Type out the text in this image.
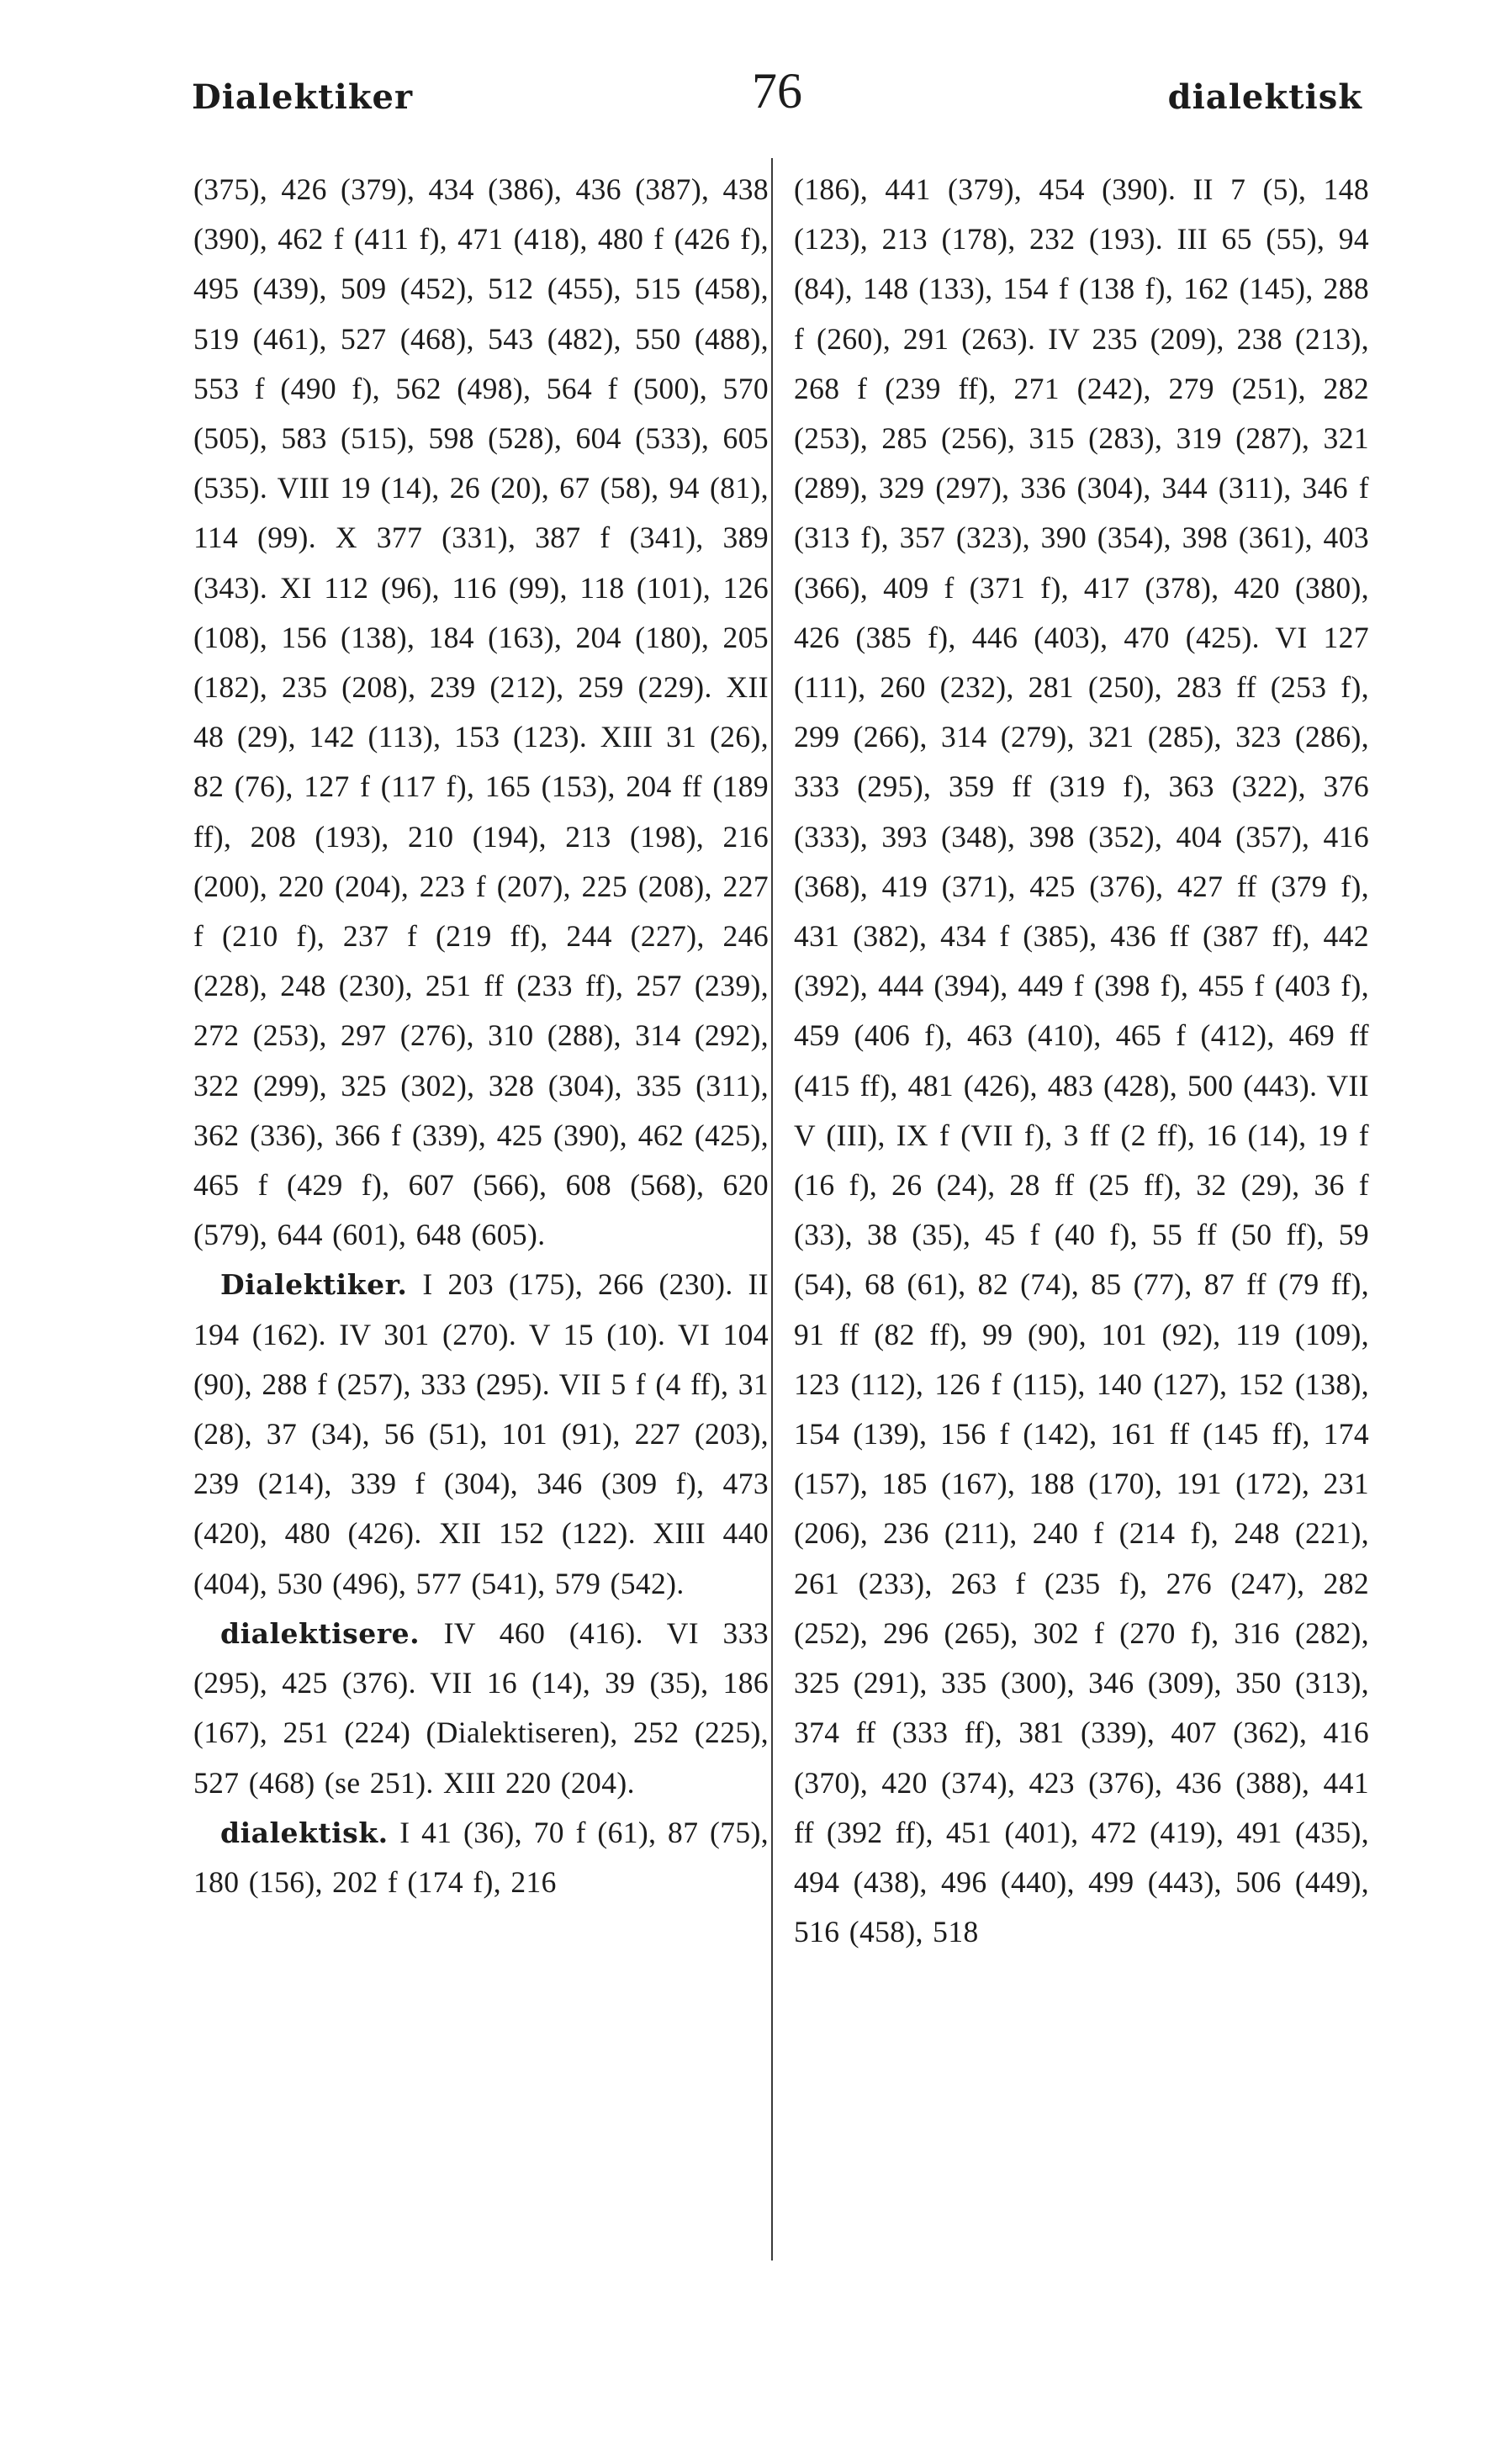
Dialektiker	76	dialektisk

(375), 426 (379), 434 (386), 436 (387), 438 (390), 462 f (411 f), 471 (418), 480 f (426 f), 495 (439), 509 (452), 512 (455), 515 (458), 519 (461), 527 (468), 543 (482), 550 (488), 553 f (490 f), 562 (498), 564 f (500), 570 (505), 583 (515), 598 (528), 604 (533), 605 (535). VIII 19 (14), 26 (20), 67 (58), 94 (81), 114 (99). X 377 (331), 387 f (341), 389 (343). XI 112 (96), 116 (99), 118 (101), 126 (108), 156 (138), 184 (163), 204 (180), 205 (182), 235 (208), 239 (212), 259 (229). XII 48 (29), 142 (113), 153 (123). XIII 31 (26), 82 (76), 127 f (117 f), 165 (153), 204 ff (189 ff), 208 (193), 210 (194), 213 (198), 216 (200), 220 (204), 223 f (207), 225 (208), 227 f (210 f), 237 f (219 ff), 244 (227), 246 (228), 248 (230), 251 ff (233 ff), 257 (239), 272 (253), 297 (276), 310 (288), 314 (292), 322 (299), 325 (302), 328 (304), 335 (311), 362 (336), 366 f (339), 425 (390), 462 (425), 465 f (429 f), 607 (566), 608 (568), 620 (579), 644 (601), 648 (605).

Dialektiker. I 203 (175), 266 (230). II 194 (162). IV 301 (270). V 15 (10). VI 104 (90), 288 f (257), 333 (295). VII 5 f (4 ff), 31 (28), 37 (34), 56 (51), 101 (91), 227 (203), 239 (214), 339 f (304), 346 (309 f), 473 (420), 480 (426). XII 152 (122). XIII 440 (404), 530 (496), 577 (541), 579 (542).

dialektisere. IV 460 (416). VI 333 (295), 425 (376). VII 16 (14), 39 (35), 186 (167), 251 (224) (Dialektiseren), 252 (225), 527 (468) (se 251). XIII 220 (204).

dialektisk. I 41 (36), 70 f (61), 87 (75), 180 (156), 202 f (174 f), 216

(186), 441 (379), 454 (390). II 7 (5), 148 (123), 213 (178), 232 (193). III 65 (55), 94 (84), 148 (133), 154 f (138 f), 162 (145), 288 f (260), 291 (263). IV 235 (209), 238 (213), 268 f (239 ff), 271 (242), 279 (251), 282 (253), 285 (256), 315 (283), 319 (287), 321 (289), 329 (297), 336 (304), 344 (311), 346 f (313 f), 357 (323), 390 (354), 398 (361), 403 (366), 409 f (371 f), 417 (378), 420 (380), 426 (385 f), 446 (403), 470 (425). VI 127 (111), 260 (232), 281 (250), 283 ff (253 f), 299 (266), 314 (279), 321 (285), 323 (286), 333 (295), 359 ff (319 f), 363 (322), 376 (333), 393 (348), 398 (352), 404 (357), 416 (368), 419 (371), 425 (376), 427 ff (379 f), 431 (382), 434 f (385), 436 ff (387 ff), 442 (392), 444 (394), 449 f (398 f), 455 f (403 f), 459 (406 f), 463 (410), 465 f (412), 469 ff (415 ff), 481 (426), 483 (428), 500 (443). VII V (III), IX f (VII f), 3 ff (2 ff), 16 (14), 19 f (16 f), 26 (24), 28 ff (25 ff), 32 (29), 36 f (33), 38 (35), 45 f (40 f), 55 ff (50 ff), 59 (54), 68 (61), 82 (74), 85 (77), 87 ff (79 ff), 91 ff (82 ff), 99 (90), 101 (92), 119 (109), 123 (112), 126 f (115), 140 (127), 152 (138), 154 (139), 156 f (142), 161 ff (145 ff), 174 (157), 185 (167), 188 (170), 191 (172), 231 (206), 236 (211), 240 f (214 f), 248 (221), 261 (233), 263 f (235 f), 276 (247), 282 (252), 296 (265), 302 f (270 f), 316 (282), 325 (291), 335 (300), 346 (309), 350 (313), 374 ff (333 ff), 381 (339), 407 (362), 416 (370), 420 (374), 423 (376), 436 (388), 441 ff (392 ff), 451 (401), 472 (419), 491 (435), 494 (438), 496 (440), 499 (443), 506 (449), 516 (458), 518
